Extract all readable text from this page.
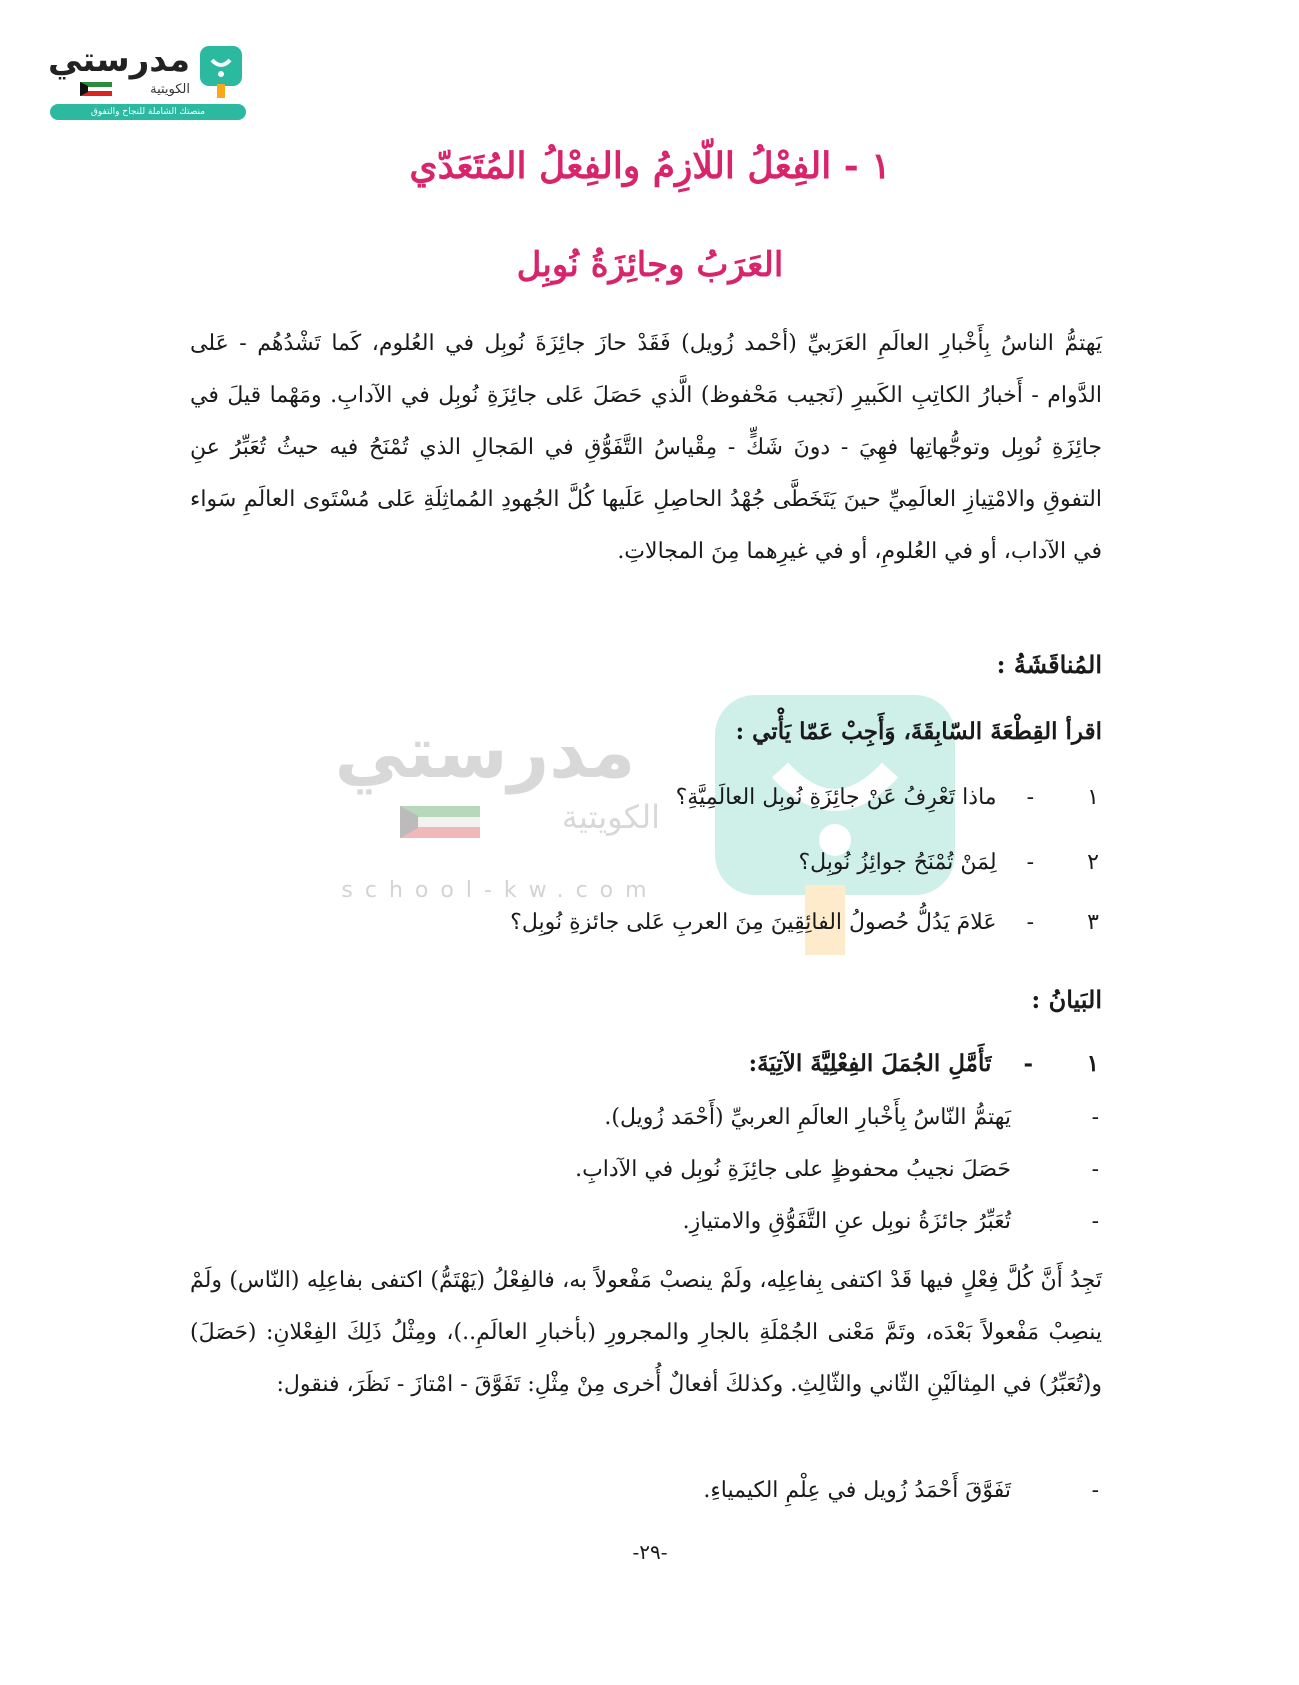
مدرستي
الكويتية
منصتك الشاملة للنجاح والتفوق
١ - الفِعْلُ اللّازِمُ والفِعْلُ المُتَعَدّي
العَرَبُ وجائِزَةُ نُوبِل
يَهتمُّ الناسُ بِأَخْبارِ العالَمِ العَرَبيِّ (أحْمد زُويل) فَقَدْ حازَ جائِزَةَ نُوبِل في العُلوم، كَما تَشْدُهُم - عَلى الدَّوام - أَخبارُ الكاتِبِ الكَبيرِ (نَجيب مَحْفوظ) الَّذي حَصَلَ عَلى جائِزَةِ نُوبِل في الآدابِ. ومَهْما قيلَ في جائِزَةِ نُوبِل وتوجُّهاتِها فهِيَ - دونَ شَكٍّ - مِقْياسُ التَّفَوُّقِ في المَجالِ الذي تُمْنَحُ فيه حيثُ تُعَبِّرُ عنِ التفوقِ والامْتِيازِ العالَمِيِّ حينَ يَتَخَطَّى جُهْدُ الحاصِلِ عَلَيها كُلَّ الجُهودِ المُماثِلَةِ عَلى مُسْتَوى العالَمِ سَواء في الآداب، أو في العُلومِ، أو في غيرِهما مِنَ المجالاتِ.
مدرستي
الكويتية
school-kw.com
المُناقَشَةُ :
اقرأ القِطْعَةَ السّابِقَةَ، وَأَجِبْ عَمّا يَأْتي :
١ -  ماذا تَعْرِفُ عَنْ جائِزَةِ نُوبِل العالَمِيَّةِ؟
٢ -  لِمَنْ تُمْنَحُ جوائِزُ نُوبِل؟
٣ -  عَلامَ يَدُلُّ حُصولُ الفائِقِينَ مِنَ العربِ عَلى جائزةِ نُوبِل؟
البَيانُ :
١ -  تَأَمَّلِ الجُمَلَ الفِعْلِيَّةَ الآتِيَةَ:
-  يَهتمُّ النّاسُ بِأَخْبارِ العالَمِ العربيِّ (أَحْمَد زُويل).
-  حَصَلَ نجيبُ محفوظٍ على جائِزَةِ نُوبِل في الآدابِ.
-  تُعَبِّرُ جائزَةُ نوبِل عنِ التَّفَوُّقِ والامتيازِ.
تَجِدُ أَنَّ كُلَّ فِعْلٍ فيها قَدْ اكتفى بِفاعِلِه، ولَمْ ينصبْ مَفْعولاً به، فالفِعْلُ (يَهْتَمُّ) اكتفى بفاعِلِه (النّاس) ولَمْ ينصِبْ مَفْعولاً بَعْدَه، وتَمَّ مَعْنى الجُمْلَةِ بالجارِ والمجرورِ (بأخبارِ العالَمِ..)، ومِثْلُ ذَلِكَ الفِعْلانِ: (حَصَلَ) و(تُعَبِّرُ) في المِثالَيْنِ الثّاني والثّالِثِ. وكذلكَ أفعالٌ أُخرى مِنْ مِثْلِ: تَفَوَّقَ - امْتازَ - نَظَرَ، فنقول:
-  تَفَوَّقَ أَحْمَدُ زُويل في عِلْمِ الكيمياءِ.
-٢٩-
